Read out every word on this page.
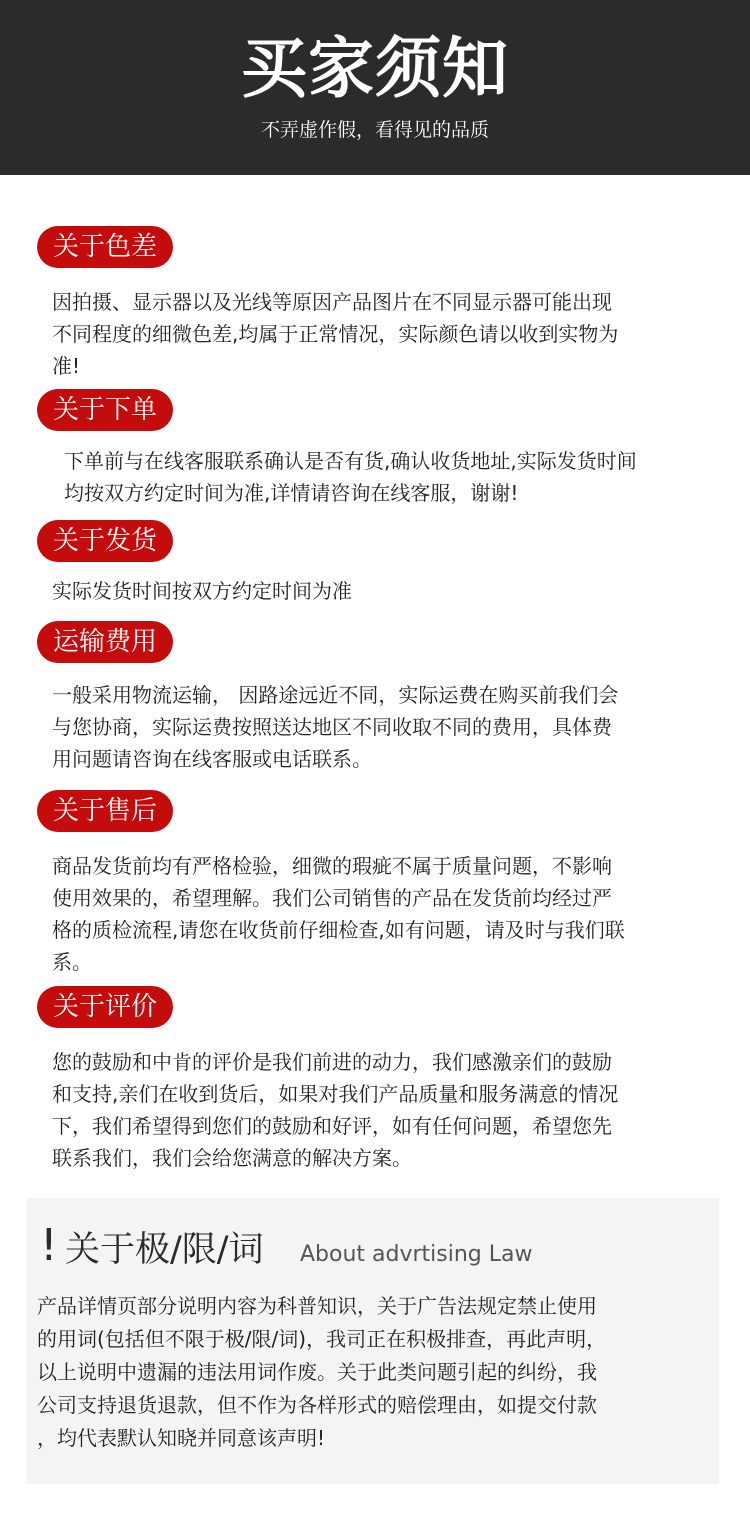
买家须知
不弄虚作假，看得见的品质
关于色差

因拍摄、显示器以及光线等原因产品图片在不同显示器可能出现
不同程度的细微色差,均属于正常情况，实际颜色请以收到实物为
准!

关于下单

下单前与在线客服联系确认是否有货,确认收货地址,实际发货时间
均按双方约定时间为准,详情请咨询在线客服，谢谢!

关于发货

实际发货时间按双方约定时间为准

运输费用

一般采用物流运输， 因路途远近不同，实际运费在购买前我们会
与您协商，实际运费按照送达地区不同收取不同的费用，具体费
用问题请咨询在线客服或电话联系。

关于售后

商品发货前均有严格检验，细微的瑕疵不属于质量问题，不影响
使用效果的，希望理解。我们公司销售的产品在发货前均经过严
格的质检流程,请您在收货前仔细检查,如有问题，请及时与我们联
系。

关于评价

您的鼓励和中肯的评价是我们前进的动力，我们感激亲们的鼓励
和支持,亲们在收到货后，如果对我们产品质量和服务满意的情况
下，我们希望得到您们的鼓励和好评，如有任何问题，希望您先
联系我们，我们会给您满意的解决方案。

! 关于极/限/词 About advrtising Law

产品详情页部分说明内容为科普知识，关于广告法规定禁止使用
的用词(包括但不限于极/限/词)，我司正在积极排查，再此声明，
以上说明中遗漏的违法用词作废。关于此类问题引起的纠纷，我
公司支持退货退款，但不作为各样形式的赔偿理由，如提交付款
，均代表默认知晓并同意该声明!
